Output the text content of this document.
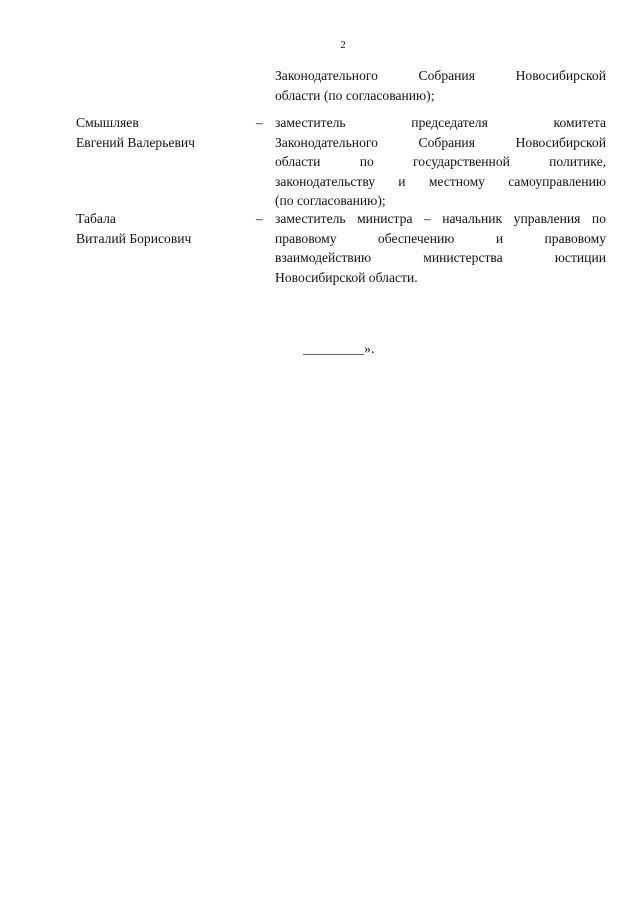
2
Законодательного Собрания Новосибирской
области (по согласованию);
Смышляев
Евгений Валерьевич
– заместитель председателя комитета
Законодательного Собрания Новосибирской
области по государственной политике,
законодательству и местному самоуправлению
(по согласованию);
Табала
Виталий Борисович
– заместитель министра – начальник управления по
правовому обеспечению и правовому
взаимодействию министерства юстиции
Новосибирской области.
_________».
